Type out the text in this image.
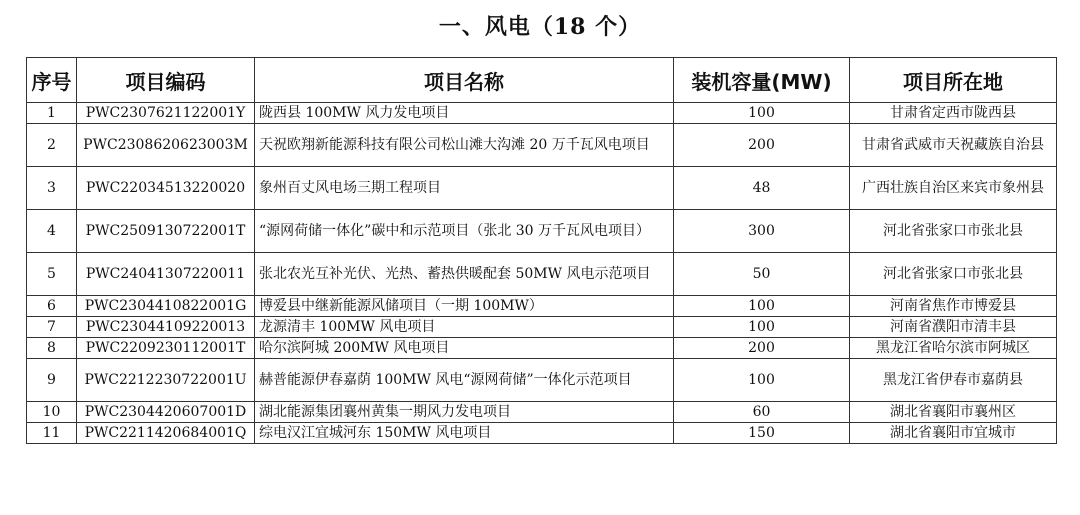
一、风电（18 个）
序号	项目编码	项目名称	装机容量(MW)	项目所在地
1	PWC2307621122001Y	陇西县 100MW 风力发电项目	100	甘肃省定西市陇西县
2	PWC2308620623003M	天祝欧翔新能源科技有限公司松山滩大沟滩 20 万千瓦风电项目	200	甘肃省武威市天祝藏族自治县
3	PWC22034513220020	象州百丈风电场三期工程项目	48	广西壮族自治区来宾市象州县
4	PWC2509130722001T	“源网荷储一体化”碳中和示范项目（张北 30 万千瓦风电项目）	300	河北省张家口市张北县
5	PWC24041307220011	张北农光互补光伏、光热、蓄热供暖配套 50MW 风电示范项目	50	河北省张家口市张北县
6	PWC2304410822001G	博爱县中继新能源风储项目（一期 100MW）	100	河南省焦作市博爱县
7	PWC23044109220013	龙源清丰 100MW 风电项目	100	河南省濮阳市清丰县
8	PWC2209230112001T	哈尔滨阿城 200MW 风电项目	200	黑龙江省哈尔滨市阿城区
9	PWC2212230722001U	赫普能源伊春嘉荫 100MW 风电“源网荷储”一体化示范项目	100	黑龙江省伊春市嘉荫县
10	PWC2304420607001D	湖北能源集团襄州黄集一期风力发电项目	60	湖北省襄阳市襄州区
11	PWC2211420684001Q	综电汉江宜城河东 150MW 风电项目	150	湖北省襄阳市宜城市
